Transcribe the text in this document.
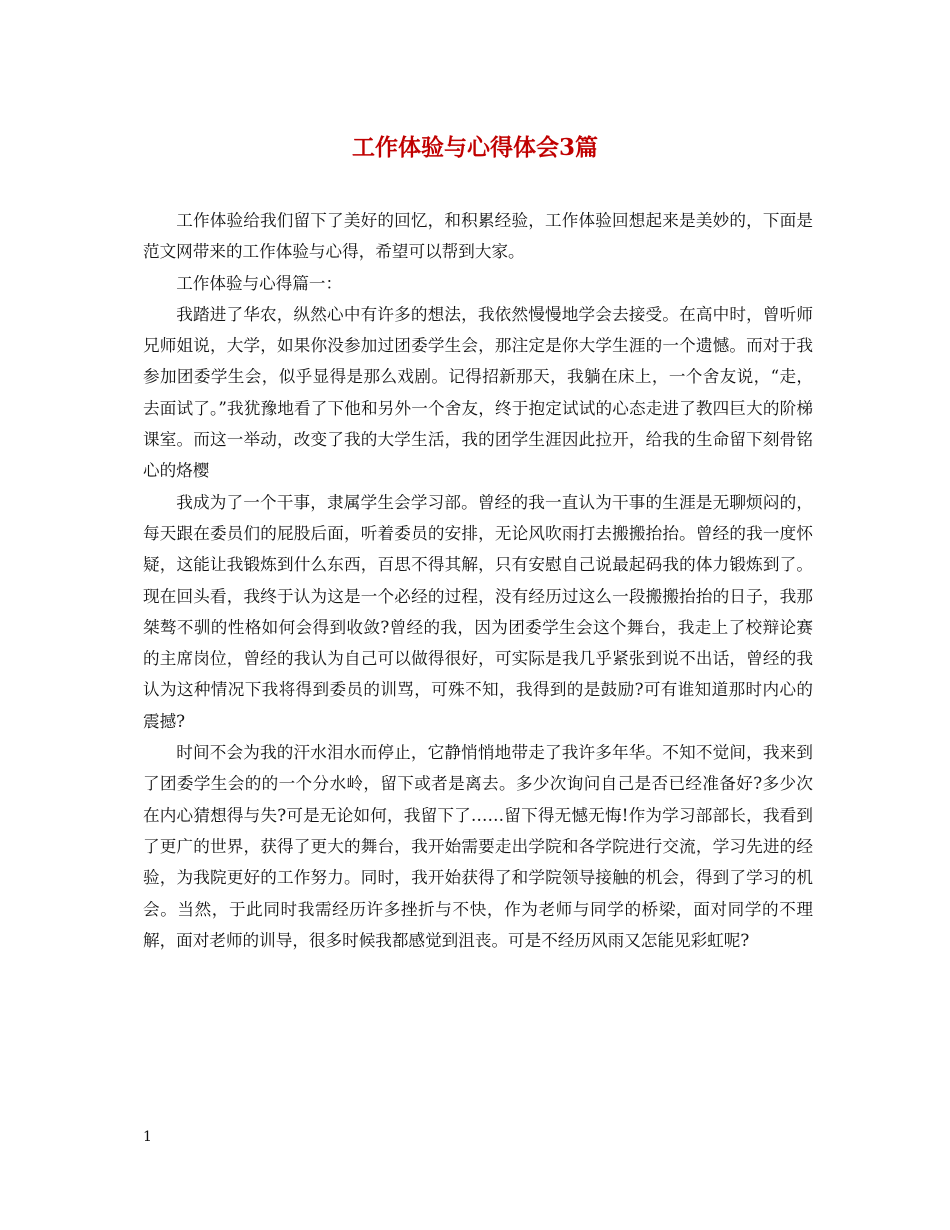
工作体验与心得体会3篇

工作体验给我们留下了美好的回忆，和积累经验，工作体验回想起来是美妙的，下面是范文网带来的工作体验与心得，希望可以帮到大家。

工作体验与心得篇一：

我踏进了华农，纵然心中有许多的想法，我依然慢慢地学会去接受。在高中时，曾听师兄师姐说，大学，如果你没参加过团委学生会，那注定是你大学生涯的一个遗憾。而对于我参加团委学生会，似乎显得是那么戏剧。记得招新那天，我躺在床上，一个舍友说，“走，去面试了。”我犹豫地看了下他和另外一个舍友，终于抱定试试的心态走进了教四巨大的阶梯课室。而这一举动，改变了我的大学生活，我的团学生涯因此拉开，给我的生命留下刻骨铭心的烙樱

我成为了一个干事，隶属学生会学习部。曾经的我一直认为干事的生涯是无聊烦闷的，每天跟在委员们的屁股后面，听着委员的安排，无论风吹雨打去搬搬抬抬。曾经的我一度怀疑，这能让我锻炼到什么东西，百思不得其解，只有安慰自己说最起码我的体力锻炼到了。现在回头看，我终于认为这是一个必经的过程，没有经历过这么一段搬搬抬抬的日子，我那桀骜不驯的性格如何会得到收敛?曾经的我，因为团委学生会这个舞台，我走上了校辩论赛的主席岗位，曾经的我认为自己可以做得很好，可实际是我几乎紧张到说不出话，曾经的我认为这种情况下我将得到委员的训骂，可殊不知，我得到的是鼓励?可有谁知道那时内心的震撼?

时间不会为我的汗水泪水而停止，它静悄悄地带走了我许多年华。不知不觉间，我来到了团委学生会的的一个分水岭，留下或者是离去。多少次询问自己是否已经准备好?多少次在内心猜想得与失?可是无论如何，我留下了……留下得无憾无悔!作为学习部部长，我看到了更广的世界，获得了更大的舞台，我开始需要走出学院和各学院进行交流，学习先进的经验，为我院更好的工作努力。同时，我开始获得了和学院领导接触的机会，得到了学习的机会。当然，于此同时我需经历许多挫折与不快，作为老师与同学的桥梁，面对同学的不理解，面对老师的训导，很多时候我都感觉到沮丧。可是不经历风雨又怎能见彩虹呢?

1
